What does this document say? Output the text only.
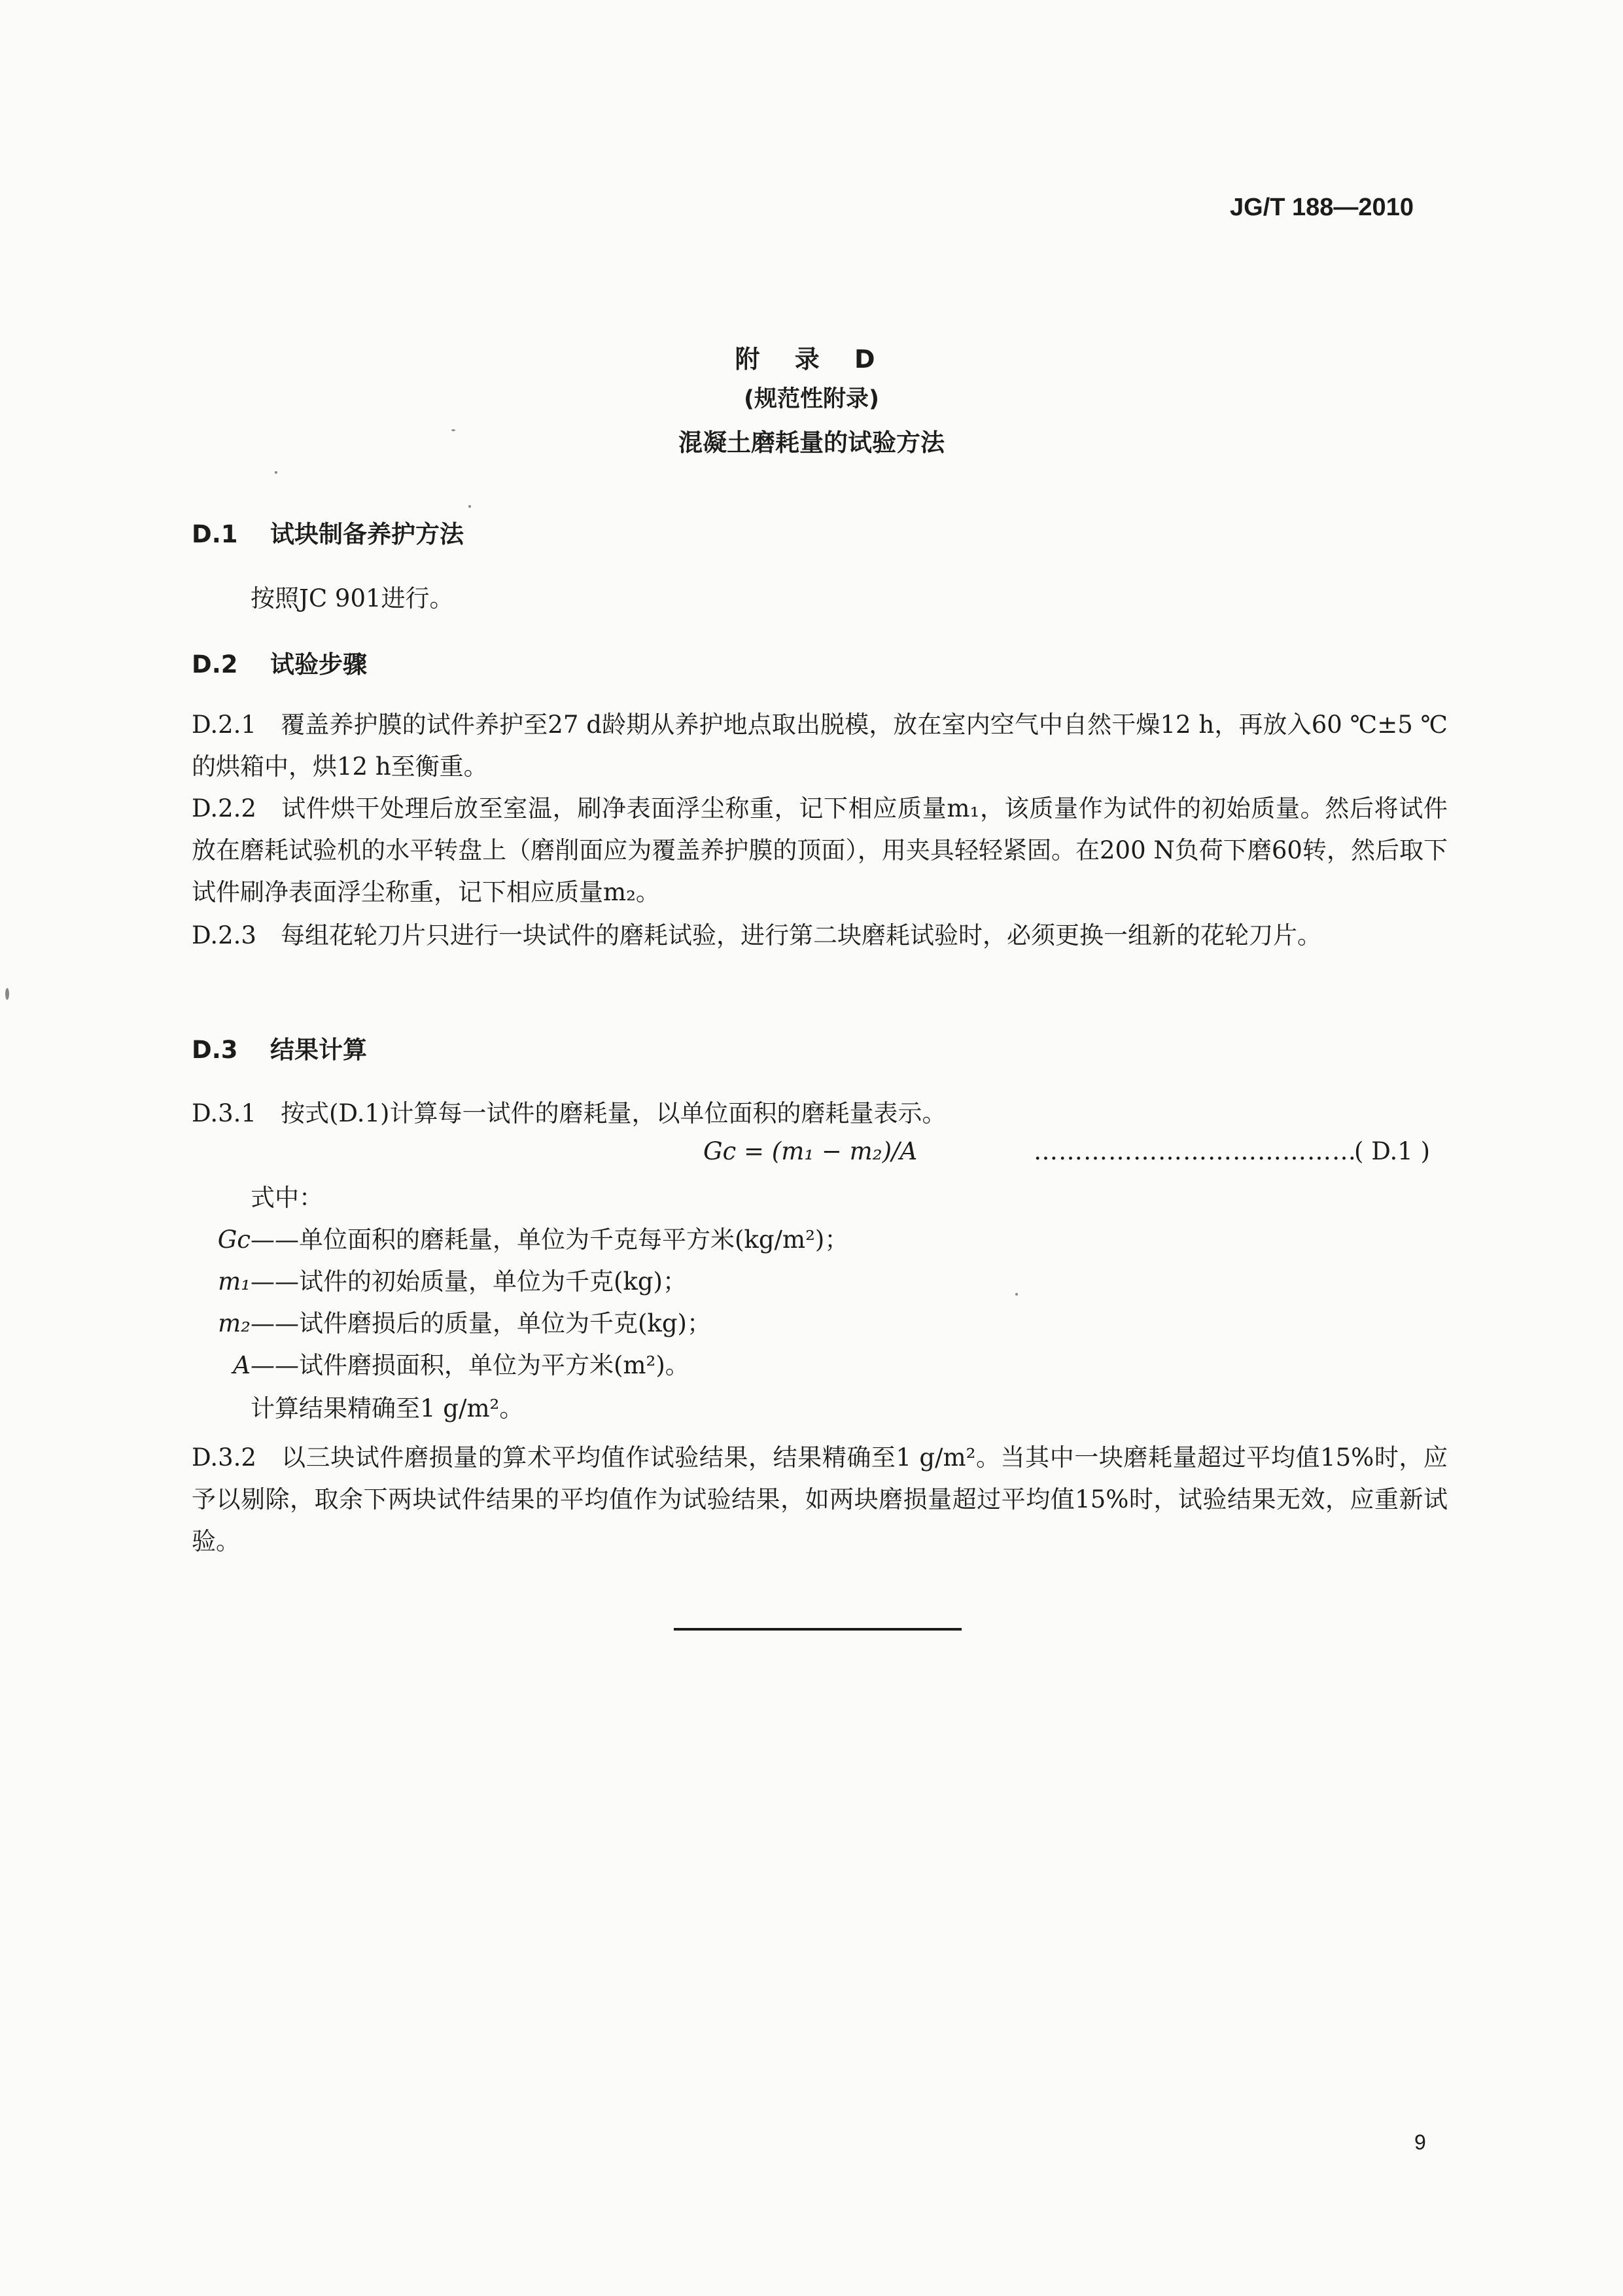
JG/T 188—2010
附 录 D
(规范性附录)
混凝土磨耗量的试验方法
D.1 试块制备养护方法
按照JC 901进行。
D.2 试验步骤
D.2.1　覆盖养护膜的试件养护至27 d龄期从养护地点取出脱模，放在室内空气中自然干燥12 h，再放入60 ℃±5 ℃的烘箱中，烘12 h至衡重。
D.2.2　试件烘干处理后放至室温，刷净表面浮尘称重，记下相应质量m₁，该质量作为试件的初始质量。然后将试件放在磨耗试验机的水平转盘上（磨削面应为覆盖养护膜的顶面），用夹具轻轻紧固。在200 N负荷下磨60转，然后取下试件刷净表面浮尘称重，记下相应质量m₂。
D.2.3　每组花轮刀片只进行一块试件的磨耗试验，进行第二块磨耗试验时，必须更换一组新的花轮刀片。
D.3 结果计算
D.3.1　按式(D.1)计算每一试件的磨耗量，以单位面积的磨耗量表示。
Gc = (m₁ − m₂)/A	…………………………………
( D.1 )
式中：
Gc——单位面积的磨耗量，单位为千克每平方米(kg/m²)；
m₁——试件的初始质量，单位为千克(kg)；
m₂——试件磨损后的质量，单位为千克(kg)；
A——试件磨损面积，单位为平方米(m²)。
计算结果精确至1 g/m²。
D.3.2　以三块试件磨损量的算术平均值作试验结果，结果精确至1 g/m²。当其中一块磨耗量超过平均值15%时，应予以剔除，取余下两块试件结果的平均值作为试验结果，如两块磨损量超过平均值15%时，试验结果无效，应重新试验。
9
